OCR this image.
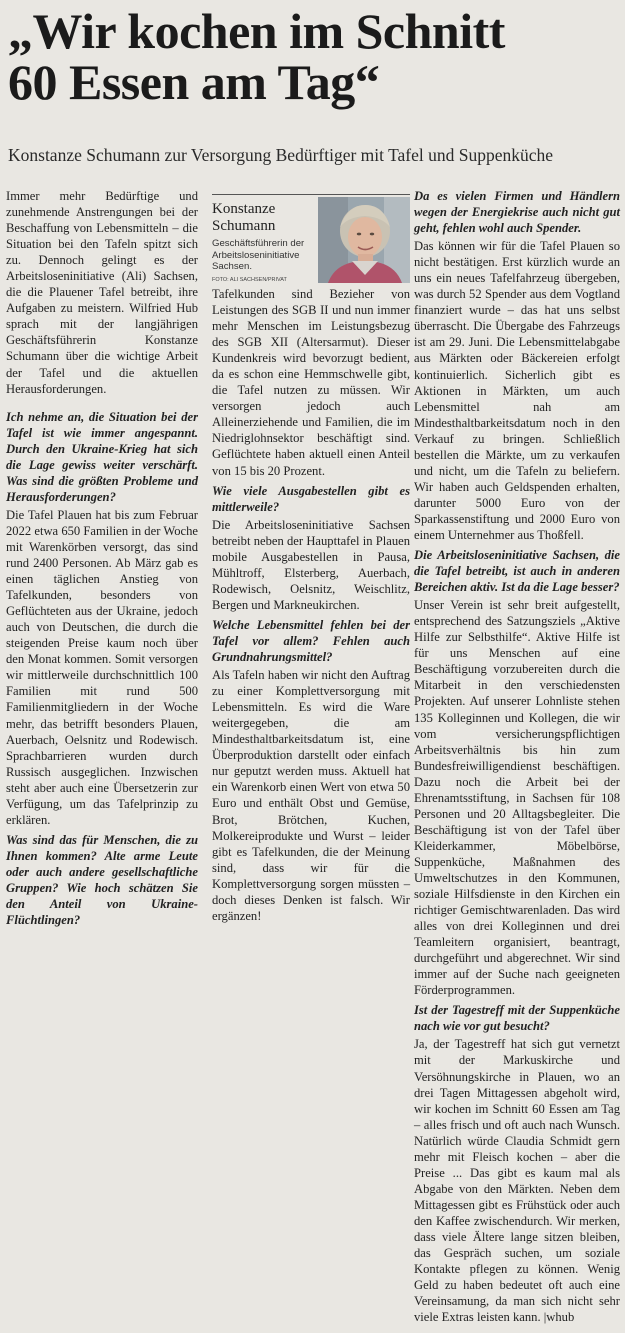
„Wir kochen im Schnitt
60 Essen am Tag“

Konstanze Schumann zur Versorgung Bedürftiger mit Tafel und Suppenküche

Immer mehr Bedürftige und zunehmende Anstrengungen bei der Beschaffung von Lebensmitteln – die Situation bei den Tafeln spitzt sich zu. Dennoch gelingt es der Arbeitsloseninitiative (Ali) Sachsen, die die Plauener Tafel betreibt, ihre Aufgaben zu meistern. Wilfried Hub sprach mit der langjährigen Geschäftsführerin Konstanze Schumann über die wichtige Arbeit der Tafel und die aktuellen Herausforderungen.

Ich nehme an, die Situation bei der Tafel ist wie immer angespannt. Durch den Ukraine-Krieg hat sich die Lage gewiss weiter verschärft. Was sind die größten Probleme und Herausforderungen?

Die Tafel Plauen hat bis zum Februar 2022 etwa 650 Familien in der Woche mit Warenkörben versorgt, das sind rund 2400 Personen. Ab März gab es einen täglichen Anstieg von Tafelkunden, besonders von Geflüchteten aus der Ukraine, jedoch auch von Deutschen, die durch die steigenden Preise kaum noch über den Monat kommen. Somit versorgen wir mittlerweile durchschnittlich 100 Familien mit rund 500 Familienmitgliedern in der Woche mehr, das betrifft besonders Plauen, Auerbach, Oelsnitz und Rodewisch. Sprachbarrieren wurden durch Russisch ausgeglichen. Inzwischen steht aber auch eine Übersetzerin zur Verfügung, um das Tafelprinzip zu erklären.

Was sind das für Menschen, die zu Ihnen kommen? Alte arme Leute oder auch andere gesellschaftliche Gruppen? Wie hoch schätzen Sie den Anteil von Ukraine-Flüchtlingen?

Konstanze
Schumann
Geschäftsführerin der Arbeitsloseninitiative Sachsen.
FOTO: ALI SACHSEN/PRIVAT

Tafelkunden sind Bezieher von Leistungen des SGB II und nun immer mehr Menschen im Leistungsbezug des SGB XII (Altersarmut). Dieser Kundenkreis wird bevorzugt bedient, da es schon eine Hemmschwelle gibt, die Tafel nutzen zu müssen. Wir versorgen jedoch auch Alleinerziehende und Familien, die im Niedriglohnsektor beschäftigt sind. Geflüchtete haben aktuell einen Anteil von 15 bis 20 Prozent.

Wie viele Ausgabestellen gibt es mittlerweile?

Die Arbeitsloseninitiative Sachsen betreibt neben der Haupttafel in Plauen mobile Ausgabestellen in Pausa, Mühltroff, Elsterberg, Auerbach, Rodewisch, Oelsnitz, Weischlitz, Bergen und Markneukirchen.

Welche Lebensmittel fehlen bei der Tafel vor allem? Fehlen auch Grundnahrungsmittel?

Als Tafeln haben wir nicht den Auftrag zu einer Komplettversorgung mit Lebensmitteln. Es wird die Ware weitergegeben, die am Mindesthaltbarkeitsdatum ist, eine Überproduktion darstellt oder einfach nur geputzt werden muss. Aktuell hat ein Warenkorb einen Wert von etwa 50 Euro und enthält Obst und Gemüse, Brot, Brötchen, Kuchen, Molkereiprodukte und Wurst – leider gibt es Tafelkunden, die der Meinung sind, dass wir für die Komplettversorgung sorgen müssten – doch dieses Denken ist falsch. Wir ergänzen!

Da es vielen Firmen und Händlern wegen der Energiekrise auch nicht gut geht, fehlen wohl auch Spender.

Das können wir für die Tafel Plauen so nicht bestätigen. Erst kürzlich wurde an uns ein neues Tafelfahrzeug übergeben, was durch 52 Spender aus dem Vogtland finanziert wurde – das hat uns selbst überrascht. Die Übergabe des Fahrzeugs ist am 29. Juni. Die Lebensmittelabgabe aus Märkten oder Bäckereien erfolgt kontinuierlich. Sicherlich gibt es Aktionen in Märkten, um auch Lebensmittel nah am Mindesthaltbarkeitsdatum noch in den Verkauf zu bringen. Schließlich bestellen die Märkte, um zu verkaufen und nicht, um die Tafeln zu beliefern. Wir haben auch Geldspenden erhalten, darunter 5000 Euro von der Sparkassenstiftung und 2000 Euro von einem Unternehmer aus Thoßfell.

Die Arbeitsloseninitiative Sachsen, die die Tafel betreibt, ist auch in anderen Bereichen aktiv. Ist da die Lage besser?

Unser Verein ist sehr breit aufgestellt, entsprechend des Satzungsziels „Aktive Hilfe zur Selbsthilfe“. Aktive Hilfe ist für uns Menschen auf eine Beschäftigung vorzubereiten durch die Mitarbeit in den verschiedensten Projekten. Auf unserer Lohnliste stehen 135 Kolleginnen und Kollegen, die wir vom versicherungspflichtigen Arbeitsverhältnis bis hin zum Bundesfreiwilligendienst beschäftigen. Dazu noch die Arbeit bei der Ehrenamtsstiftung, in Sachsen für 108 Personen und 20 Alltagsbegleiter. Die Beschäftigung ist von der Tafel über Kleiderkammer, Möbelbörse, Suppenküche, Maßnahmen des Umweltschutzes in den Kommunen, soziale Hilfsdienste in den Kirchen ein richtiger Gemischtwarenladen. Das wird alles von drei Kolleginnen und drei Teamleitern organisiert, beantragt, durchgeführt und abgerechnet. Wir sind immer auf der Suche nach geeigneten Förderprogrammen.

Ist der Tagestreff mit der Suppenküche nach wie vor gut besucht?

Ja, der Tagestreff hat sich gut vernetzt mit der Markuskirche und Versöhnungskirche in Plauen, wo an drei Tagen Mittagessen abgeholt wird, wir kochen im Schnitt 60 Essen am Tag – alles frisch und oft auch nach Wunsch. Natürlich würde Claudia Schmidt gern mehr mit Fleisch kochen – aber die Preise ... Das gibt es kaum mal als Abgabe von den Märkten. Neben dem Mittagessen gibt es Frühstück oder auch den Kaffee zwischendurch. Wir merken, dass viele Ältere lange sitzen bleiben, das Gespräch suchen, um soziale Kontakte pflegen zu können. Wenig Geld zu haben bedeutet oft auch eine Vereinsamung, da man sich nicht sehr viele Extras leisten kann. |whub
